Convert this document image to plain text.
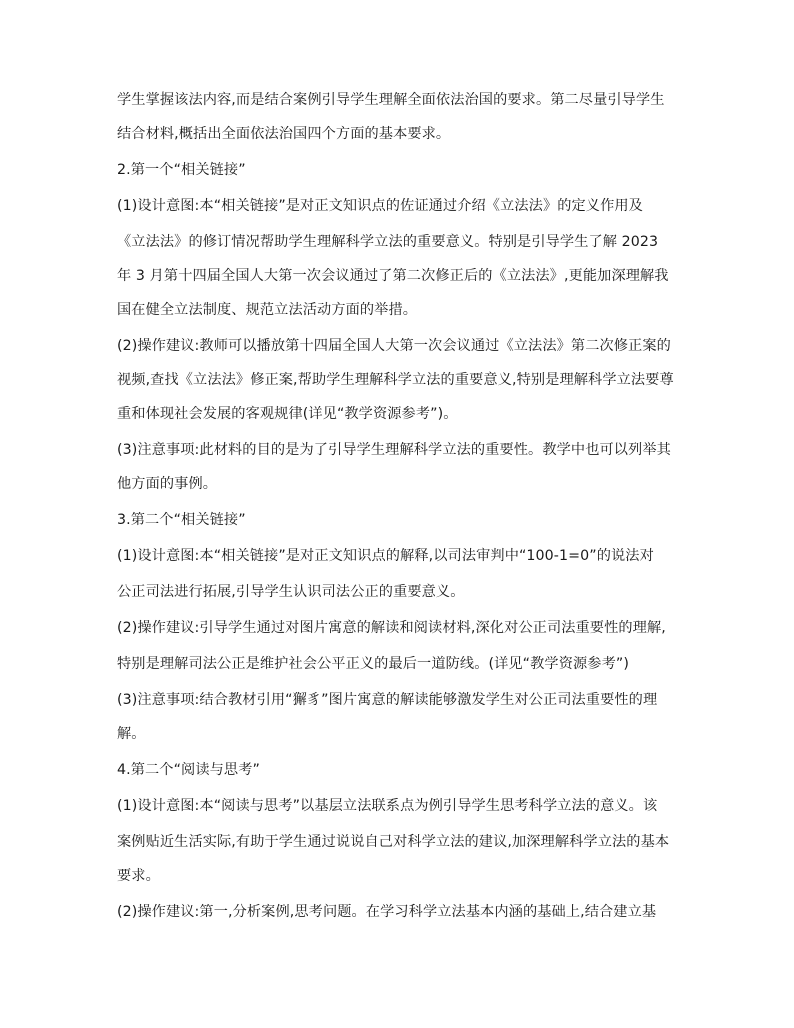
学生掌握该法内容,而是结合案例引导学生理解全面依法治国的要求。第二尽量引导学生
结合材料,概括出全面依法治国四个方面的基本要求。
2.第一个“相关链接”
(1)设计意图:本“相关链接”是对正文知识点的佐证通过介绍《立法法》的定义作用及
《立法法》的修订情况帮助学生理解科学立法的重要意义。特别是引导学生了解 2023
年 3 月第十四届全国人大第一次会议通过了第二次修正后的《立法法》,更能加深理解我
国在健全立法制度、规范立法活动方面的举措。
(2)操作建议:教师可以播放第十四届全国人大第一次会议通过《立法法》第二次修正案的
视频,查找《立法法》修正案,帮助学生理解科学立法的重要意义,特别是理解科学立法要尊
重和体现社会发展的客观规律(详见“教学资源参考”)。
(3)注意事项:此材料的目的是为了引导学生理解科学立法的重要性。教学中也可以列举其
他方面的事例。
3.第二个“相关链接”
(1)设计意图:本“相关链接”是对正文知识点的解释,以司法审判中“100-1=0”的说法对
公正司法进行拓展,引导学生认识司法公正的重要意义。
(2)操作建议:引导学生通过对图片寓意的解读和阅读材料,深化对公正司法重要性的理解,
特别是理解司法公正是维护社会公平正义的最后一道防线。(详见“教学资源参考”)
(3)注意事项:结合教材引用“獬豸”图片寓意的解读能够激发学生对公正司法重要性的理
解。
4.第二个“阅读与思考”
(1)设计意图:本“阅读与思考”以基层立法联系点为例引导学生思考科学立法的意义。该
案例贴近生活实际,有助于学生通过说说自己对科学立法的建议,加深理解科学立法的基本
要求。
(2)操作建议:第一,分析案例,思考问题。在学习科学立法基本内涵的基础上,结合建立基
